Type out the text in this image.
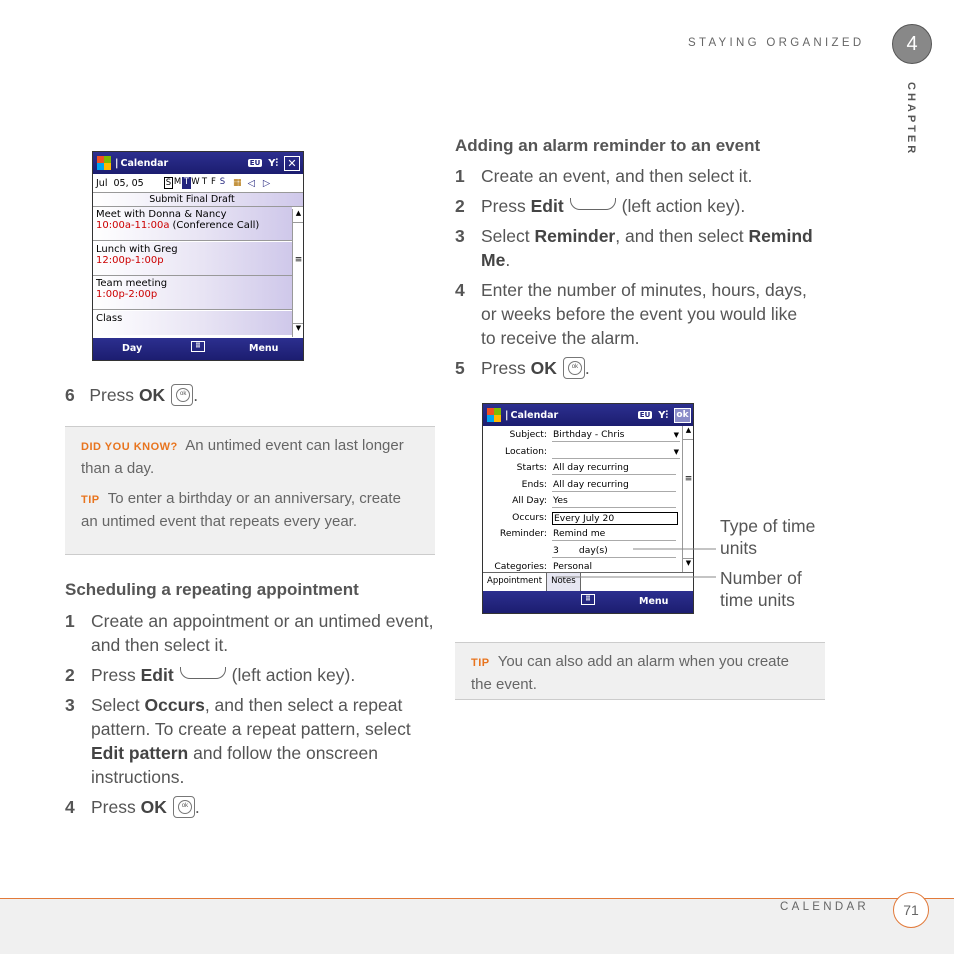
STAYING ORGANIZED	4
CHAPTER
| Calendar	EU Y⫶ ✕
Jul  05, 05	S M T W T F S ▦ ◁ ▷
Submit Final Draft
Meet with Donna & Nancy
10:00a-11:00a (Conference Call)
Lunch with Greg
12:00p-1:00p
Team meeting
1:00p-2:00p
Class
▲
≡
▼
Day	⠿	Menu
6 Press OK ok .
DID YOU KNOW? An untimed event can last longer than a day.
TIP To enter a birthday or an anniversary, create an untimed event that repeats every year.
Scheduling a repeating appointment
1 Create an appointment or an untimed event, and then select it.
2 Press Edit	(left action key).
3 Select Occurs, and then select a repeat pattern. To create a repeat pattern, select Edit pattern and follow the onscreen instructions.
4 Press OK ok .
Adding an alarm reminder to an event
1 Create an event, and then select it.
2 Press Edit	(left action key).
3 Select Reminder, and then select Remind Me.
4 Enter the number of minutes, hours, days, or weeks before the event you would like to receive the alarm.
5 Press OK ok .
| Calendar	EU Y⫶ ok
Subject: Birthday - Chris	▼
Location:	▼
Starts: All day recurring
Ends: All day recurring
All Day: Yes
Occurs: Every July 20
Reminder: Remind me
3 day(s)
Categories: Personal
▲
≡
▼
Appointment	Notes
⠿	Menu
Type of time units
Number of time units
TIP You can also add an alarm when you create the event.
CALENDAR	71
